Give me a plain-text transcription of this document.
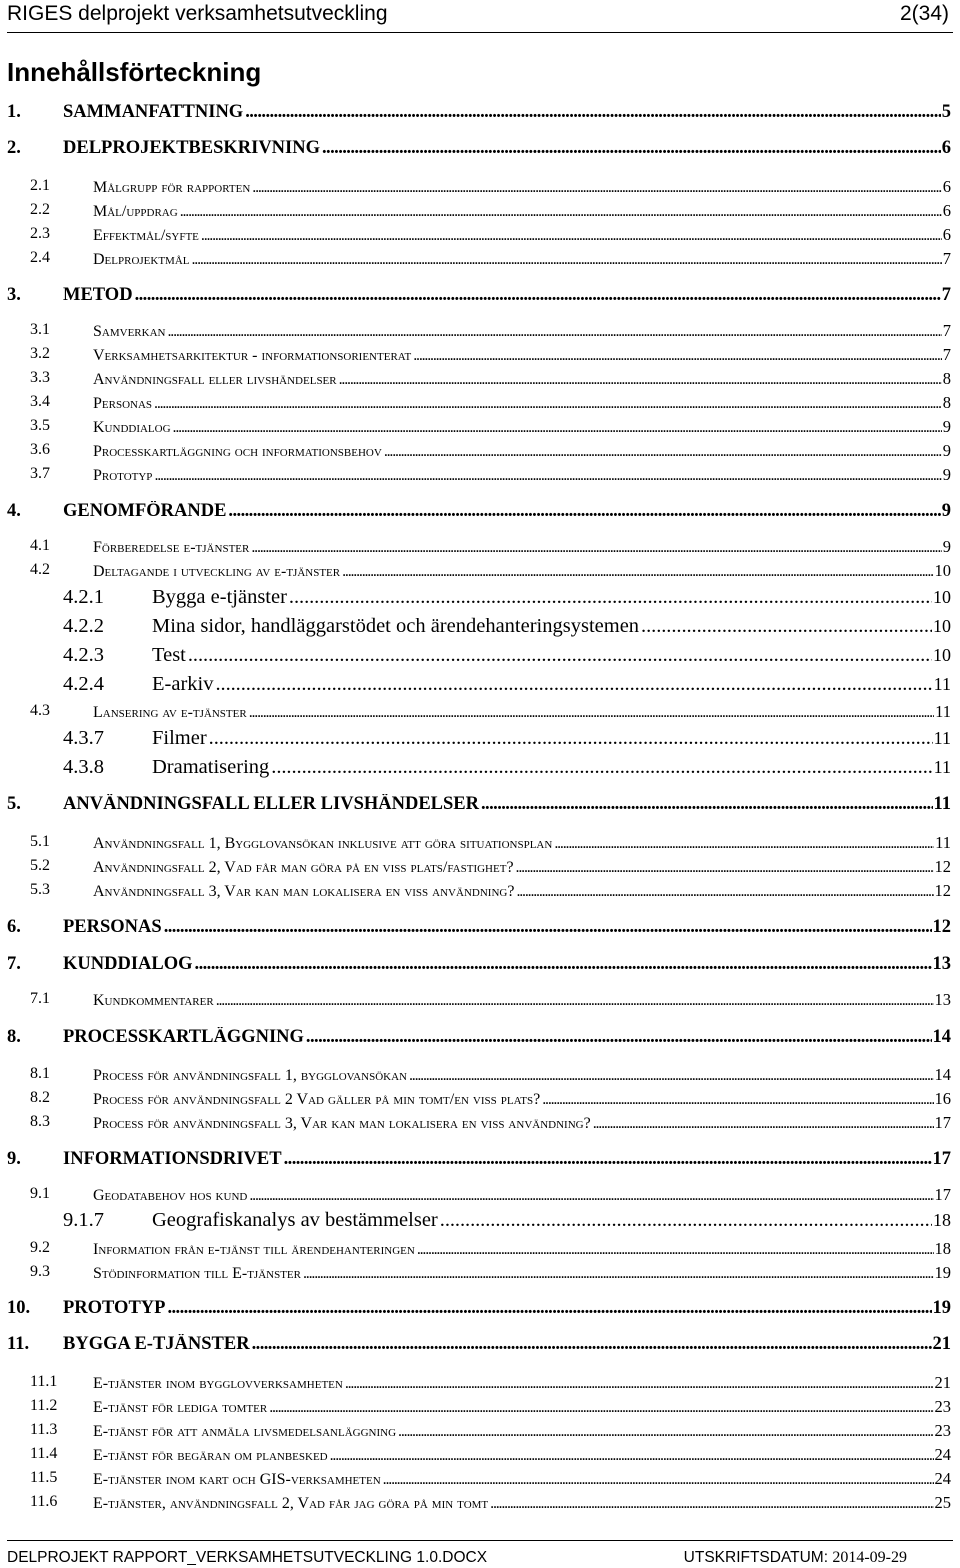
RIGES delprojekt verksamhetsutveckling	2(34)
Innehållsförteckning
1. SAMMANFATTNING . . .	5
2. DELPROJEKTBESKRIVNING . . .	6
2.1	Målgrupp för rapporten . . .	6
2.2	Mål/uppdrag . . .	6
2.3	Effektmål/syfte . . .	6
2.4	Delprojektmål . . .	7
3. METOD . . .	7
3.1	Samverkan . . .	7
3.2	Verksamhetsarkitektur - informationsorienterat . . .	7
3.3	Användningsfall eller livshändelser . . .	8
3.4	Personas . . .	8
3.5	Kunddialog . . .	9
3.6	Processkartläggning och informationsbehov . . .	9
3.7	Prototyp . . .	9
4. GENOMFÖRANDE . . .	9
4.1	Förberedelse e-tjänster . . .	9
4.2	Deltagande i utveckling av e-tjänster . . .	10
4.2.1 Bygga e-tjänster . . .	10
4.2.2 Mina sidor, handläggarstödet och ärendehanteringsystemen . . .	10
4.2.3 Test . . .	10
4.2.4 E-arkiv . . .	11
4.3	Lansering av e-tjänster . . .	11
4.3.7 Filmer . . .	11
4.3.8 Dramatisering . . .	11
5. ANVÄNDNINGSFALL ELLER LIVSHÄNDELSER . . .	11
5.1	Användningsfall 1, Bygglovansökan inklusive att göra situationsplan . . .	11
5.2	Användningsfall 2, Vad får man göra på en viss plats/fastighet? . . .	12
5.3	Användningsfall 3, Var kan man lokalisera en viss användning? . . .	12
6. PERSONAS . . .	12
7. KUNDDIALOG . . .	13
7.1	Kundkommentarer . . .	13
8. PROCESSKARTLÄGGNING . . .	14
8.1	Process för användningsfall 1, bygglovansökan . . .	14
8.2	Process för användningsfall 2 Vad gäller på min tomt/en viss plats? . . .	16
8.3	Process för användningsfall 3, Var kan man lokalisera en viss användning? . . .	17
9. INFORMATIONSDRIVET . . .	17
9.1	Geodatabehov hos kund . . .	17
9.1.7 Geografiskanalys av bestämmelser . . .	18
9.2	Information från e-tjänst till ärendehanteringen . . .	18
9.3	Stödinformation till E-tjänster . . .	19
10. PROTOTYP . . .	19
11. BYGGA E-TJÄNSTER . . .	21
11.1 E-tjänster inom bygglovverksamheten . . .	21
11.2 E-tjänst för lediga tomter . . .	23
11.3 E-tjänst för att anmäla livsmedelsanläggning . . .	23
11.4 E-tjänst för begäran om planbesked . . .	24
11.5 E-tjänster inom kart och GIS-verksamheten . . .	24
11.6 E-tjänster, användningsfall 2, Vad får jag göra på min tomt . . .	25
DELPROJEKT RAPPORT_VERKSAMHETSUTVECKLING 1.0.DOCX	UTSKRIFTSDATUM: 2014-09-29
